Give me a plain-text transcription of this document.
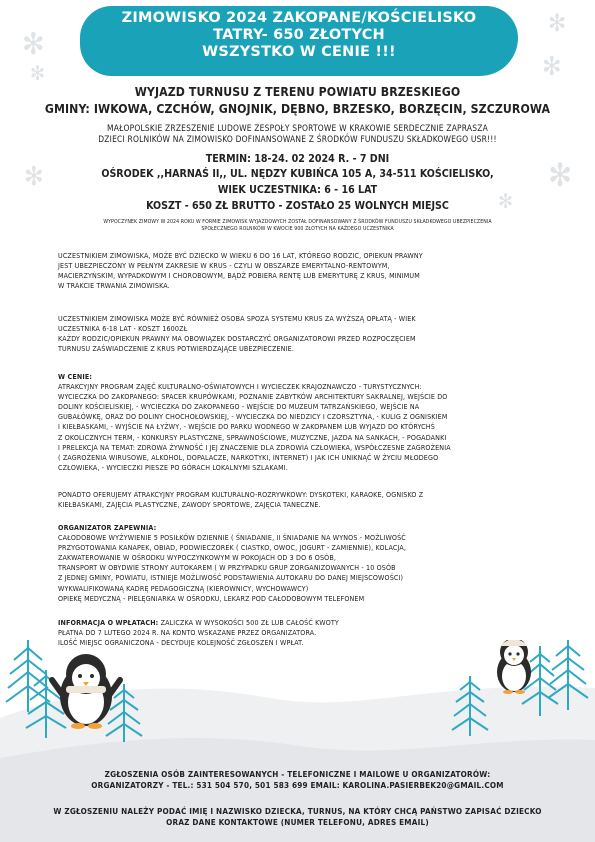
✻
✻
✻
✻
✻	✻
✻
ZIMOWISKO 2024 ZAKOPANE/KOŚCIELISKO
TATRY- 650 ZŁOTYCH
WSZYSTKO W CENIE !!!
WYJAZD TURNUSU Z TERENU POWIATU BRZESKIEGO
GMINY: IWKOWA, CZCHÓW, GNOJNIK, DĘBNO, BRZESKO, BORZĘCIN, SZCZUROWA
MAŁOPOLSKIE ZRZESZENIE LUDOWE ZESPOŁY SPORTOWE W KRAKOWIE SERDECZNIE ZAPRASZA
DZIECI ROLNIKÓW NA ZIMOWISKO DOFINANSOWANE Z ŚRODKÓW FUNDUSZU SKŁADKOWEGO USR!!!
TERMIN: 18-24. 02 2024 R. - 7 DNI
OŚRODEK ,,HARNAŚ II,, UL. NĘDZY KUBIŃCA 105 A, 34-511 KOŚCIELISKO,
WIEK UCZESTNIKA: 6 - 16 LAT
KOSZT - 650 ZŁ BRUTTO - ZOSTAŁO 25 WOLNYCH MIEJSC
WYPOCZYNEK ZIMOWY W 2024 ROKU W FORMIE ZIMOWISK WYJAZDOWYCH ZOSTAŁ DOFINANSOWANY Z ŚRODKÓW FUNDUSZU SKŁADKOWEGO UBEZPIECZENIA
SPOŁECZNEGO ROLNIKÓW W KWOCIE 900 ZŁOTYCH NA KAŻDEGO UCZESTNIKA

UCZESTNIKIEM ZIMOWISKA, MOŻE BYĆ DZIECKO W WIEKU 6 DO 16 LAT, KTÓREGO RODZIC, OPIEKUN PRAWNY

JEST UBEZPIECZONY W PEŁNYM ZAKRESIE W KRUS - CZYLI W OBSZARZE EMERYTALNO-RENTOWYM,

MACIERZYŃSKIM, WYPADKOWYM I CHOROBOWYM, BĄDŹ POBIERA RENTĘ LUB EMERYTURĘ Z KRUS, MINIMUM

W TRAKCIE TRWANIA ZIMOWISKA.

UCZESTNIKIEM ZIMOWISKA MOŻE BYĆ RÓWNIEŻ OSOBA SPOZA SYSTEMU KRUS ZA WYŻSZĄ OPŁATĄ - WIEK

UCZESTNIKA 6-18 LAT - KOSZT 1600ZŁ

KAŻDY RODZIC/OPIEKUN PRAWNY MA OBOWIĄZEK DOSTARCZYĆ ORGANIZATOROWI PRZED ROZPOCZĘCIEM

TURNUSU ZAŚWIADCZENIE Z KRUS POTWIERDZAJĄCE UBEZPIECZENIE.

W CENIE:

ATRAKCYJNY PROGRAM ZAJĘĆ KULTURALNO-OŚWIATOWYCH I WYCIECZEK KRAJOZNAWCZO - TURYSTYCZNYCH:

WYCIECZKA DO ZAKOPANEGO: SPACER KRUPÓWKAMI, POZNANIE ZABYTKÓW ARCHITEKTURY SAKRALNEJ, WEJŚCIE DO

DOLINY KOŚCIELISKIEJ, - WYCIECZKA DO ZAKOPANEGO - WEJŚCIE DO MUZEUM TATRZAŃSKIEGO, WEJŚCIE NA

GUBAŁÓWKĘ, ORAZ DO DOLINY CHOCHOŁOWSKIEJ, - WYCIECZKA DO NIEDZICY I CZORSZTYNA, - KULIG Z OGNISKIEM

I KIEŁBASKAMI, - WYJŚCIE NA ŁYŻWY, - WEJŚCIE DO PARKU WODNEGO W ZAKOPANEM LUB WYJAZD DO KTÓRYCHŚ

Z OKOLICZNYCH TERM, - KONKURSY PLASTYCZNE, SPRAWNOŚCIOWE, MUZYCZNE, JAZDA NA SANKACH, - POGADANKI

I PRELEKCJA NA TEMAT: ZDROWA ŻYWNOŚĆ I JEJ ZNACZENIE DLA ZDROWIA CZŁOWIEKA, WSPÓŁCZESNE ZAGROŻENIA

( ZAGROŻENIA WIRUSOWE, ALKOHOL, DOPALACZE, NARKOTYKI, INTERNET) I JAK ICH UNIKNĄĆ W ŻYCIU MŁODEGO

CZŁOWIEKA, - WYCIECZKI PIESZE PO GÓRACH LOKALNYMI SZLAKAMI.

PONADTO OFERUJEMY ATRAKCYJNY PROGRAM KULTURALNO-ROZRYWKOWY: DYSKOTEKI, KARAOKE, OGNISKO Z

KIEŁBASKAMI, ZAJĘCIA PLASTYCZNE, ZAWODY SPORTOWE, ZAJĘCIA TANECZNE.

ORGANIZATOR ZAPEWNIA:

CAŁODOBOWE WYŻYWIENIE 5 POSIŁKÓW DZIENNIE ( ŚNIADANIE, II ŚNIADANIE NA WYNOS - MOŻLIWOŚĆ

PRZYGOTOWANIA KANAPEK, OBIAD, PODWIECZOREK ( CIASTKO, OWOC, JOGURT - ZAMIENNIE), KOLACJA,

ZAKWATEROWANIE W OŚRODKU WYPOCZYNKOWYM W POKOJACH OD 3 DO 6 OSÓB,

TRANSPORT W OBYDWIE STRONY AUTOKAREM ( W PRZYPADKU GRUP ZORGANIZOWANYCH - 10 OSÓB

Z JEDNEJ GMINY, POWIATU, ISTNIEJE MOŻLIWOŚĆ PODSTAWIENIA AUTOKARU DO DANEJ MIEJSCOWOŚCI)

WYKWALIFIKOWANĄ KADRĘ PEDAGOGICZNĄ (KIEROWNICY, WYCHOWAWCY)

OPIEKĘ MEDYCZNĄ - PIELĘGNIARKA W OŚRODKU, LEKARZ POD CAŁODOBOWYM TELEFONEM

INFORMACJA O WPŁATACH: ZALICZKA W WYSOKOŚCI 500 ZŁ LUB CAŁOŚĆ KWOTY

PŁATNA DO 7 LUTEGO 2024 R. NA KONTO WSKAZANE PRZEZ ORGANIZATORA.

ILOŚĆ MIEJSC OGRANICZONA - DECYDUJE KOLEJNOŚĆ ZGŁOSZEŃ I WPŁAT.

ZGŁOSZENIA OSÓB ZAINTERESOWANYCH - TELEFONICZNE I MAILOWE U ORGANIZATORÓW:
ORGANIZATORZY - TEL.: 531 504 570, 501 583 699 EMAIL: KAROLINA.PASIERBEK20@GMAIL.COM
W ZGŁOSZENIU NALEŻY PODAĆ IMIĘ I NAZWISKO DZIECKA, TURNUS, NA KTÓRY CHCĄ PAŃSTWO ZAPISAĆ DZIECKO
ORAZ DANE KONTAKTOWE (NUMER TELEFONU, ADRES EMAIL)
